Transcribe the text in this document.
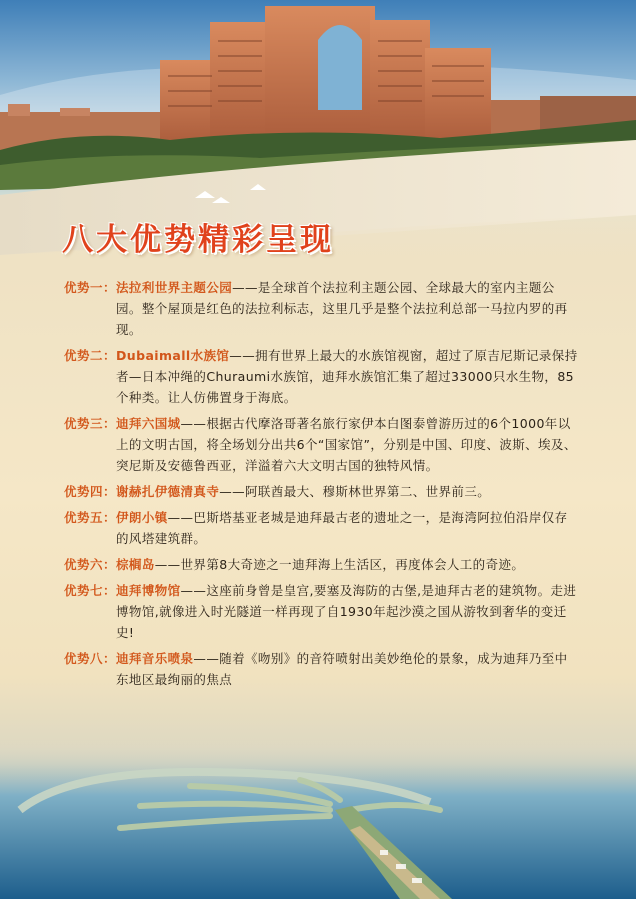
八大优势精彩呈现
优势一： 法拉利世界主题公园——是全球首个法拉利主题公园、全球最大的室内主题公园。整个屋顶是红色的法拉利标志，这里几乎是整个法拉利总部一马拉内罗的再现。
优势二： Dubaimall水族馆——拥有世界上最大的水族馆视窗，超过了原吉尼斯记录保持者—日本冲绳的Churaumi水族馆，迪拜水族馆汇集了超过33000只水生物，85个种类。让人仿佛置身于海底。
优势三： 迪拜六国城——根据古代摩洛哥著名旅行家伊本白图泰曾游历过的6个1000年以上的文明古国，将全场划分出共6个“国家馆”，分别是中国、印度、波斯、埃及、突尼斯及安德鲁西亚，洋溢着六大文明古国的独特风情。
优势四： 谢赫扎伊德清真寺——阿联酋最大、穆斯林世界第二、世界前三。
优势五： 伊朗小镇——巴斯塔基亚老城是迪拜最古老的遗址之一，是海湾阿拉伯沿岸仅存的风塔建筑群。
优势六： 棕榈岛——世界第8大奇迹之一迪拜海上生活区，再度体会人工的奇迹。
优势七： 迪拜博物馆——这座前身曾是皇宫,要塞及海防的古堡,是迪拜古老的建筑物。走进博物馆,就像进入时光隧道一样再现了自1930年起沙漠之国从游牧到奢华的变迁史!
优势八： 迪拜音乐喷泉——随着《吻别》的音符喷射出美妙绝伦的景象，成为迪拜乃至中东地区最绚丽的焦点
